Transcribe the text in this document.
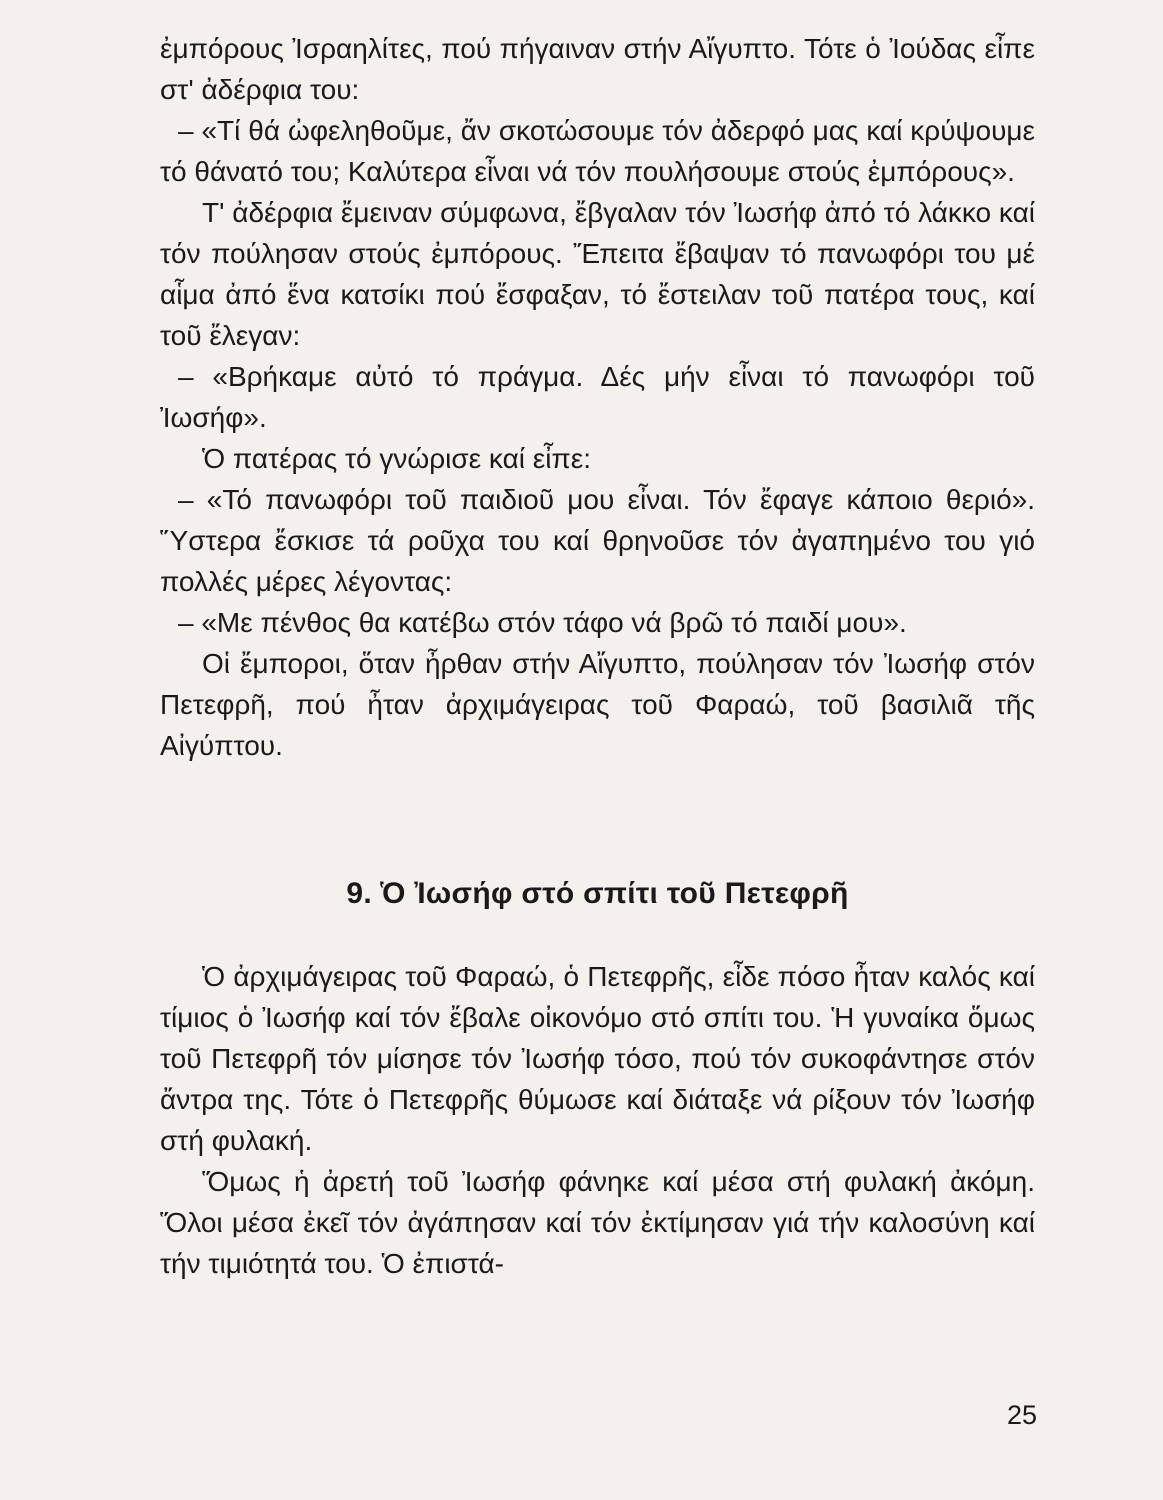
ἐμπόρους Ἰσραηλίτες, πού πήγαιναν στήν Αἴγυπτο. Τότε ὁ Ἰούδας εἶπε στ' ἀδέρφια του:

– «Τί θά ὠφεληθοῦμε, ἄν σκοτώσουμε τόν ἀδερφό μας καί κρύψουμε τό θάνατό του; Καλύτερα εἶναι νά τόν πουλήσουμε στούς ἐμπόρους».

Τ' ἀδέρφια ἔμειναν σύμφωνα, ἔβγαλαν τόν Ἰωσήφ ἀπό τό λάκκο καί τόν πούλησαν στούς ἐμπόρους. Ἔπειτα ἔβαψαν τό πανωφόρι του μέ αἷμα ἀπό ἕνα κατσίκι πού ἔσφαξαν, τό ἔστειλαν τοῦ πατέρα τους, καί τοῦ ἔλεγαν:

– «Βρήκαμε αὐτό τό πράγμα. Δές μήν εἶναι τό πανωφόρι τοῦ Ἰωσήφ».

Ὁ πατέρας τό γνώρισε καί εἶπε:

– «Τό πανωφόρι τοῦ παιδιοῦ μου εἶναι. Τόν ἔφαγε κάποιο θεριό». Ὕστερα ἔσκισε τά ροῦχα του καί θρηνοῦσε τόν ἀγαπημένο του γιό πολλές μέρες λέγοντας:

– «Με πένθος θα κατέβω στόν τάφο νά βρῶ τό παιδί μου».

Οἱ ἔμποροι, ὅταν ἦρθαν στήν Αἴγυπτο, πούλησαν τόν Ἰωσήφ στόν Πετεφρῆ, πού ἦταν ἀρχιμάγειρας τοῦ Φαραώ, τοῦ βασιλιᾶ τῆς Αἰγύπτου.

9. Ὁ Ἰωσήφ στό σπίτι τοῦ Πετεφρῆ

Ὁ ἀρχιμάγειρας τοῦ Φαραώ, ὁ Πετεφρῆς, εἶδε πόσο ἦταν καλός καί τίμιος ὁ Ἰωσήφ καί τόν ἔβαλε οἰκονόμο στό σπίτι του. Ἡ γυναίκα ὅμως τοῦ Πετεφρῆ τόν μίσησε τόν Ἰωσήφ τόσο, πού τόν συκοφάντησε στόν ἄντρα της. Τότε ὁ Πετεφρῆς θύμωσε καί διάταξε νά ρίξουν τόν Ἰωσήφ στή φυλακή.

Ὅμως ἡ ἀρετή τοῦ Ἰωσήφ φάνηκε καί μέσα στή φυλακή ἀκόμη. Ὅλοι μέσα ἐκεῖ τόν ἀγάπησαν καί τόν ἐκτίμησαν γιά τήν καλοσύνη καί τήν τιμιότητά του. Ὁ ἐπιστά-

25
